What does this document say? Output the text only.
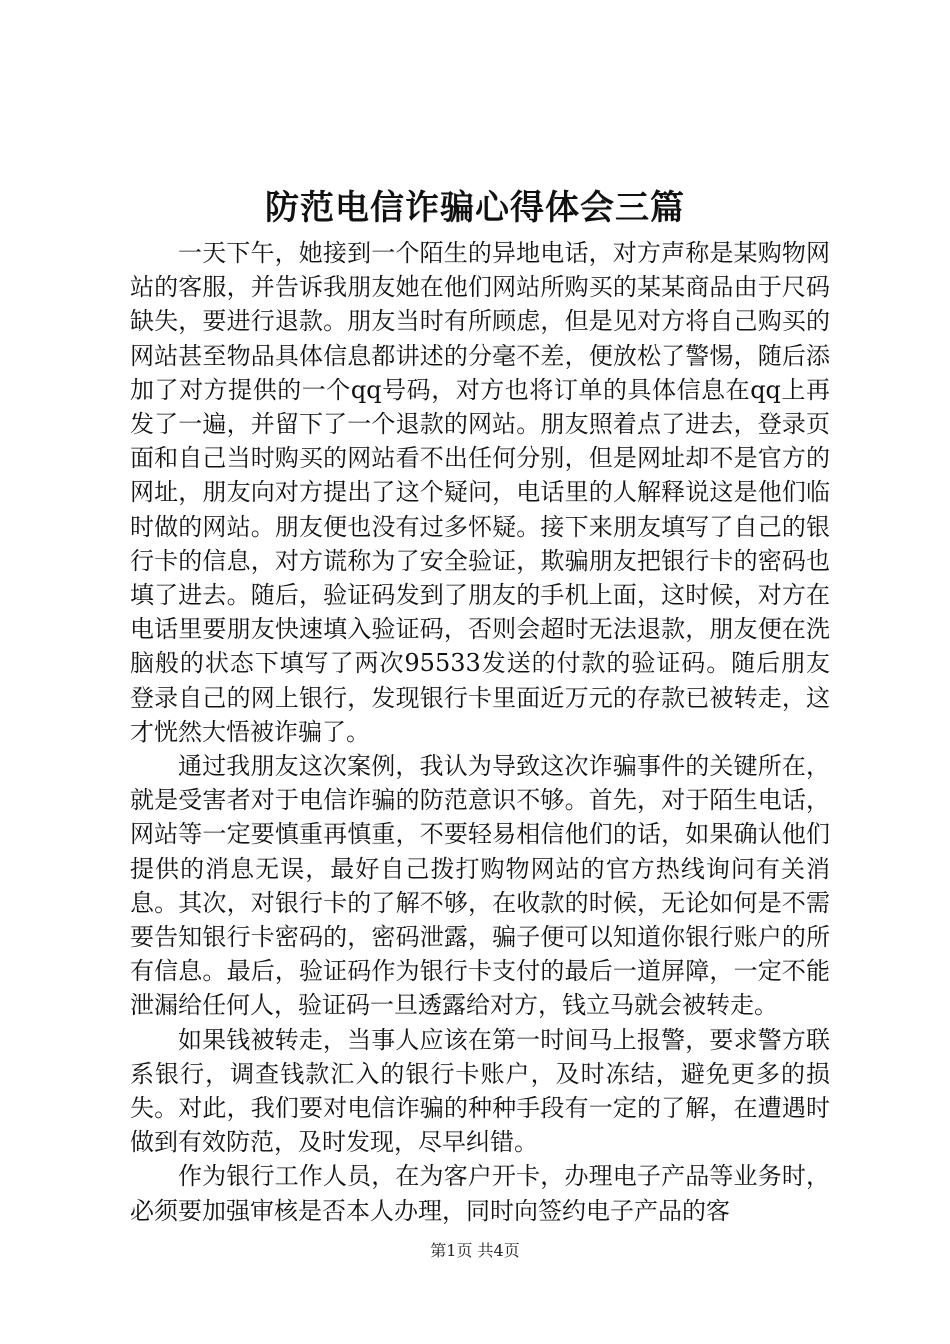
防范电信诈骗心得体会三篇

一天下午，她接到一个陌生的异地电话，对方声称是某购物网站的客服，并告诉我朋友她在他们网站所购买的某某商品由于尺码缺失，要进行退款。朋友当时有所顾虑，但是见对方将自己购买的网站甚至物品具体信息都讲述的分毫不差，便放松了警惕，随后添加了对方提供的一个qq号码，对方也将订单的具体信息在qq上再发了一遍，并留下了一个退款的网站。朋友照着点了进去，登录页面和自己当时购买的网站看不出任何分别，但是网址却不是官方的网址，朋友向对方提出了这个疑问，电话里的人解释说这是他们临时做的网站。朋友便也没有过多怀疑。接下来朋友填写了自己的银行卡的信息，对方谎称为了安全验证，欺骗朋友把银行卡的密码也填了进去。随后，验证码发到了朋友的手机上面，这时候，对方在电话里要朋友快速填入验证码，否则会超时无法退款，朋友便在洗脑般的状态下填写了两次95533发送的付款的验证码。随后朋友登录自己的网上银行，发现银行卡里面近万元的存款已被转走，这才恍然大悟被诈骗了。

通过我朋友这次案例，我认为导致这次诈骗事件的关键所在，就是受害者对于电信诈骗的防范意识不够。首先，对于陌生电话，网站等一定要慎重再慎重，不要轻易相信他们的话，如果确认他们提供的消息无误，最好自己拨打购物网站的官方热线询问有关消息。其次，对银行卡的了解不够，在收款的时候，无论如何是不需要告知银行卡密码的，密码泄露，骗子便可以知道你银行账户的所有信息。最后，验证码作为银行卡支付的最后一道屏障，一定不能泄漏给任何人，验证码一旦透露给对方，钱立马就会被转走。

如果钱被转走，当事人应该在第一时间马上报警，要求警方联系银行，调查钱款汇入的银行卡账户，及时冻结，避免更多的损失。对此，我们要对电信诈骗的种种手段有一定的了解，在遭遇时做到有效防范，及时发现，尽早纠错。

作为银行工作人员，在为客户开卡，办理电子产品等业务时，必须要加强审核是否本人办理，同时向签约电子产品的客

第1页 共4页
